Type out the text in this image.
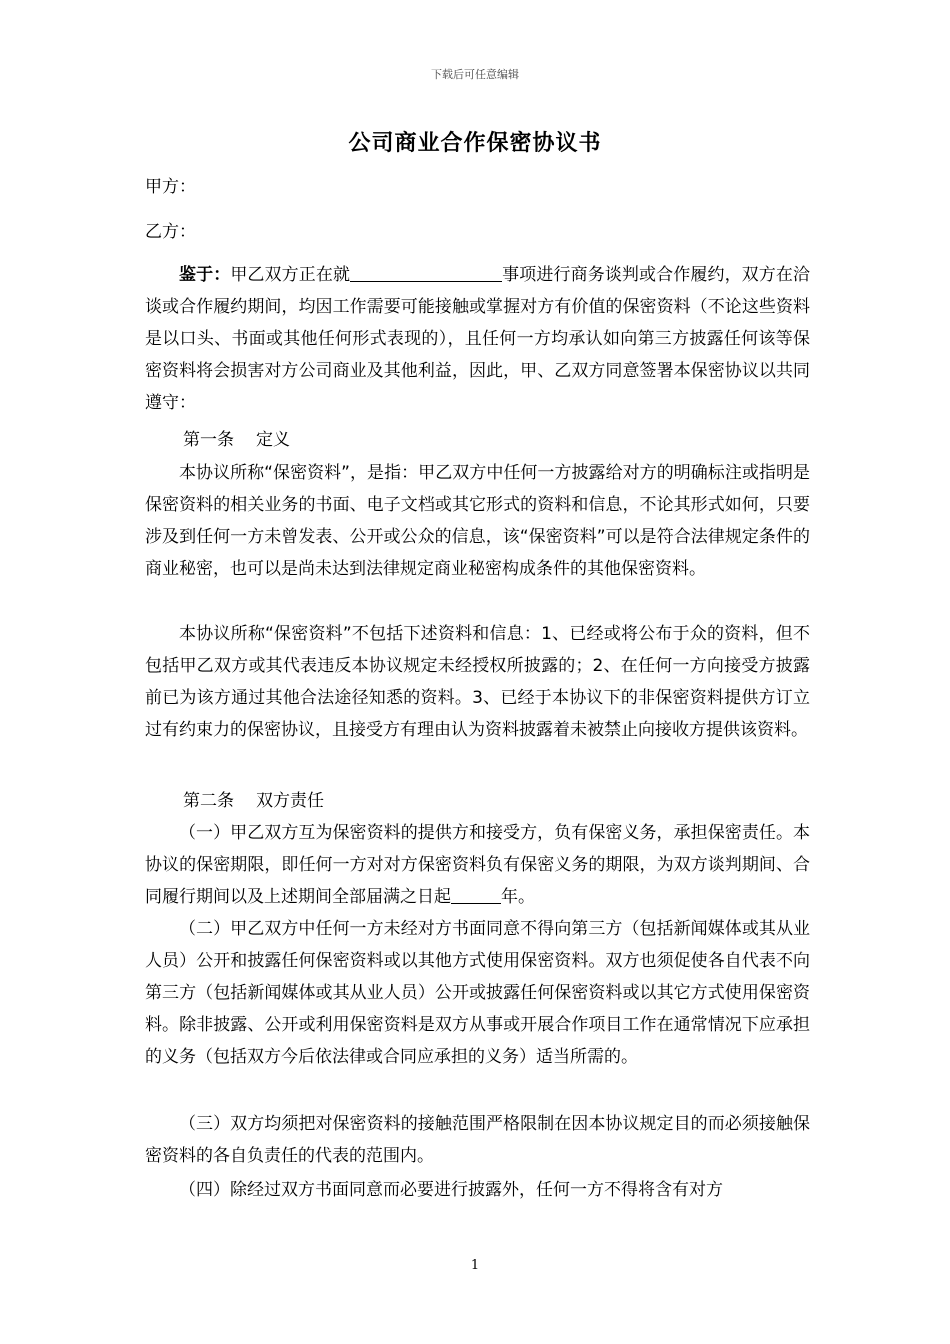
下载后可任意编辑
公司商业合作保密协议书
甲方：
乙方：

鉴于：甲乙双方正在就	事项进行商务谈判或合作履约，双方在洽谈或合作履约期间，均因工作需要可能接触或掌握对方有价值的保密资料（不论这些资料是以口头、书面或其他任何形式表现的），且任何一方均承认如向第三方披露任何该等保密资料将会损害对方公司商业及其他利益，因此，甲、乙双方同意签署本保密协议以共同遵守：

第一条 定义

本协议所称“保密资料”，是指：甲乙双方中任何一方披露给对方的明确标注或指明是保密资料的相关业务的书面、电子文档或其它形式的资料和信息，不论其形式如何，只要涉及到任何一方未曾发表、公开或公众的信息，该“保密资料”可以是符合法律规定条件的商业秘密，也可以是尚未达到法律规定商业秘密构成条件的其他保密资料。

本协议所称“保密资料”不包括下述资料和信息：1、已经或将公布于众的资料，但不包括甲乙双方或其代表违反本协议规定未经授权所披露的；2、在任何一方向接受方披露前已为该方通过其他合法途径知悉的资料。3、已经于本协议下的非保密资料提供方订立过有约束力的保密协议，且接受方有理由认为资料披露着未被禁止向接收方提供该资料。

第二条 双方责任

（一）甲乙双方互为保密资料的提供方和接受方，负有保密义务，承担保密责任。本协议的保密期限，即任何一方对对方保密资料负有保密义务的期限，为双方谈判期间、合同履行期间以及上述期间全部届满之日起	年。

（二）甲乙双方中任何一方未经对方书面同意不得向第三方（包括新闻媒体或其从业人员）公开和披露任何保密资料或以其他方式使用保密资料。双方也须促使各自代表不向第三方（包括新闻媒体或其从业人员）公开或披露任何保密资料或以其它方式使用保密资料。除非披露、公开或利用保密资料是双方从事或开展合作项目工作在通常情况下应承担的义务（包括双方今后依法律或合同应承担的义务）适当所需的。

（三）双方均须把对保密资料的接触范围严格限制在因本协议规定目的而必须接触保密资料的各自负责任的代表的范围内。

（四）除经过双方书面同意而必要进行披露外，任何一方不得将含有对方

1
